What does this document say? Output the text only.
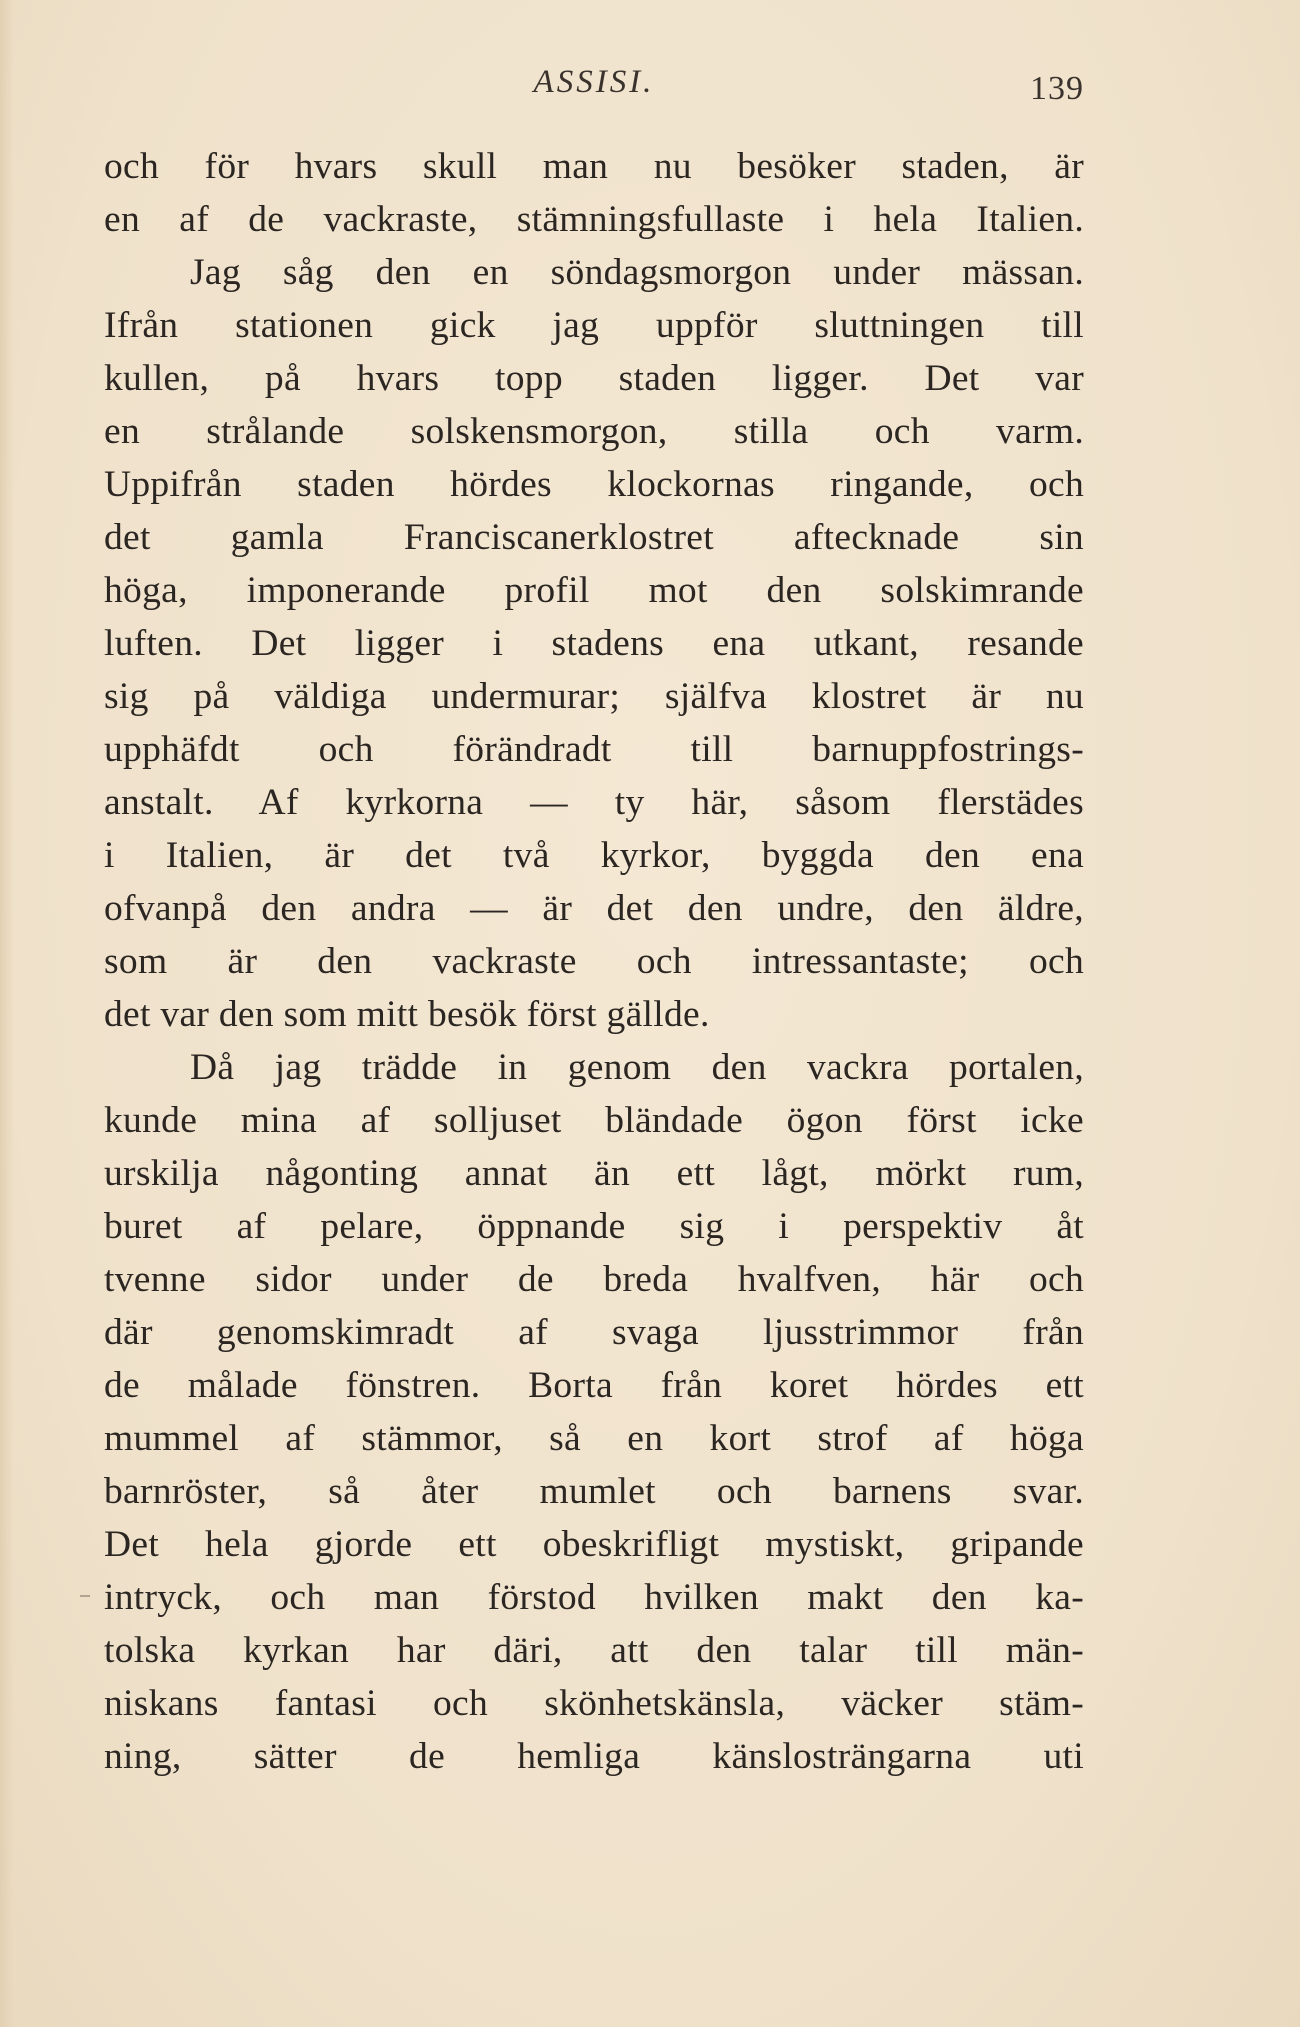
ASSISI.	139
och för hvars skull man nu besöker staden, är
en af de vackraste, stämningsfullaste i hela Italien.
Jag såg den en söndagsmorgon under mässan.
Ifrån stationen gick jag uppför sluttningen till
kullen, på hvars topp staden ligger. Det var
en strålande solskensmorgon, stilla och varm.
Uppifrån staden hördes klockornas ringande, och
det gamla Franciscanerklostret aftecknade sin
höga, imponerande profil mot den solskimrande
luften. Det ligger i stadens ena utkant, resande
sig på väldiga undermurar; själfva klostret är nu
upphäfdt och förändradt till barnuppfostrings-
anstalt. Af kyrkorna — ty här, såsom flerstädes
i Italien, är det två kyrkor, byggda den ena
ofvanpå den andra — är det den undre, den äldre,
som är den vackraste och intressantaste; och
det var den som mitt besök först gällde.
Då jag trädde in genom den vackra portalen,
kunde mina af solljuset bländade ögon först icke
urskilja någonting annat än ett lågt, mörkt rum,
buret af pelare, öppnande sig i perspektiv åt
tvenne sidor under de breda hvalfven, här och
där genomskimradt af svaga ljusstrimmor från
de målade fönstren. Borta från koret hördes ett
mummel af stämmor, så en kort strof af höga
barnröster, så åter mumlet och barnens svar.
Det hela gjorde ett obeskrifligt mystiskt, gripande
intryck, och man förstod hvilken makt den ka-
tolska kyrkan har däri, att den talar till män-
niskans fantasi och skönhetskänsla, väcker stäm-
ning, sätter de hemliga känslosträngarna uti
